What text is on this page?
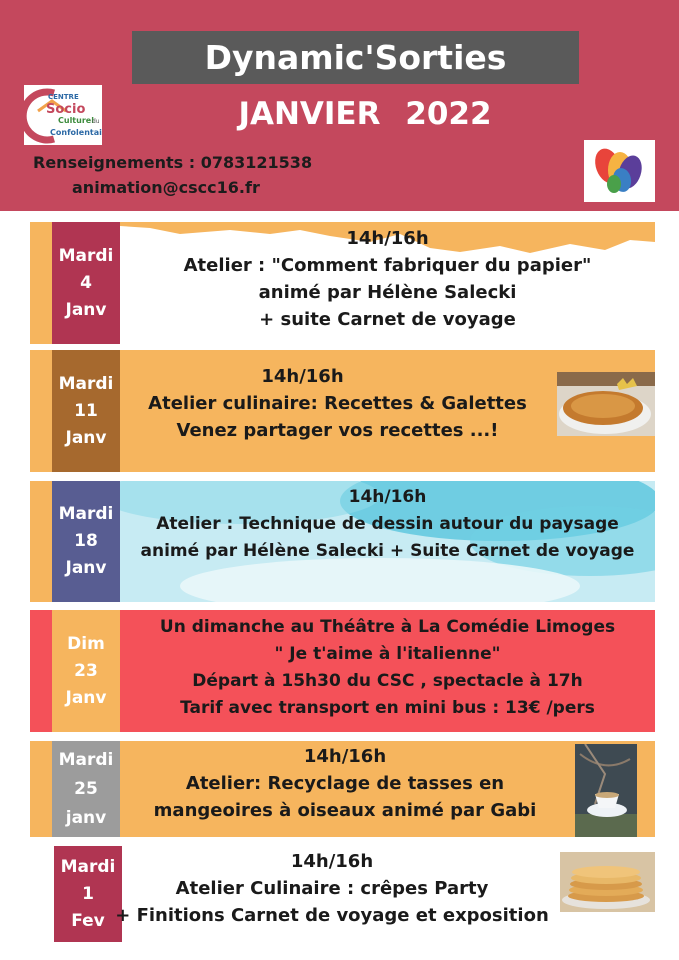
Dynamic'Sorties
JANVIER 2022
CENTRE
Socio
Culturel
du
Confolentais
Renseignements : 0783121538
animation@cscc16.fr
Mardi
4
Janv
14h/16h
Atelier : "Comment fabriquer du papier"
animé par Hélène Salecki
+ suite Carnet de voyage
Mardi
11
Janv
14h/16h
Atelier culinaire: Recettes & Galettes
Venez partager vos recettes ...!
Mardi
18
Janv
14h/16h
Atelier : Technique de dessin autour du paysage
animé par Hélène Salecki + Suite Carnet de voyage
Dim
23
Janv
Un dimanche au Théâtre à La Comédie Limoges
" Je t'aime à l'italienne"
Départ à 15h30 du CSC , spectacle à 17h
Tarif avec transport en mini bus : 13€ /pers
Mardi
25
janv
14h/16h
Atelier: Recyclage de tasses en
mangeoires à oiseaux animé par Gabi
Mardi
1
Fev
14h/16h
Atelier Culinaire : crêpes Party
+ Finitions Carnet de voyage et exposition
